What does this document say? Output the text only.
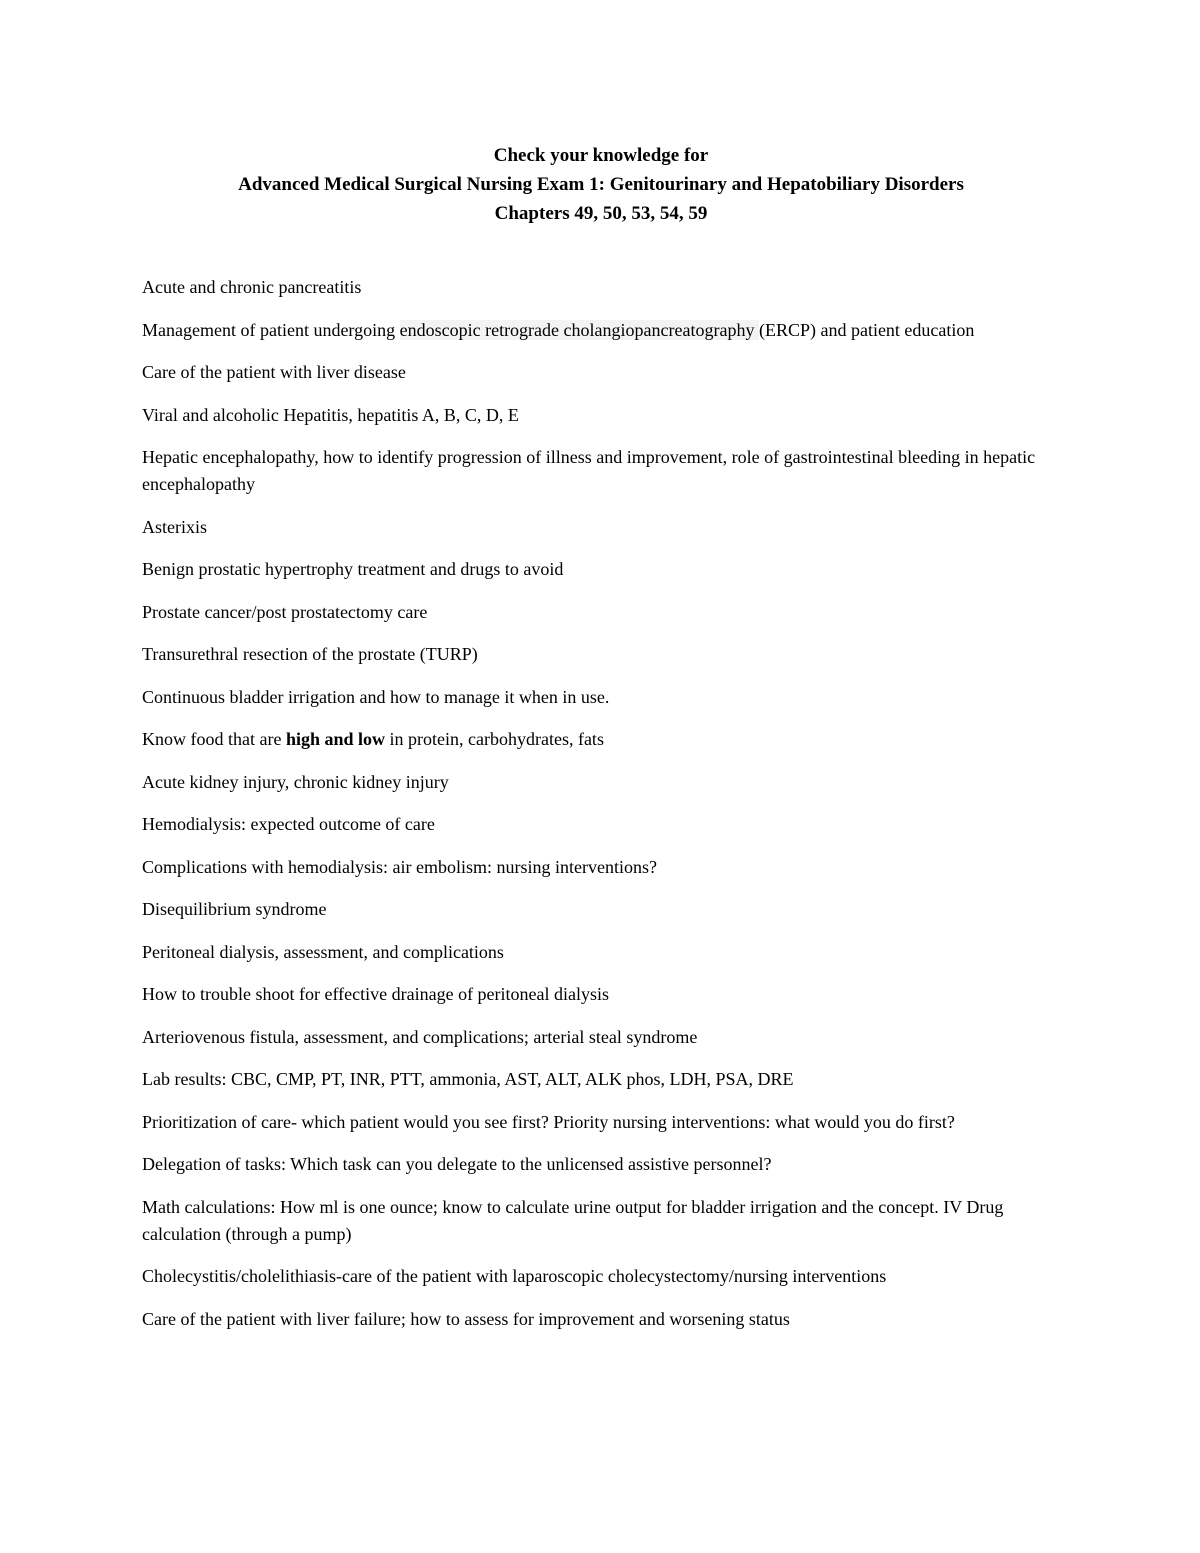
Check your knowledge for
Advanced Medical Surgical Nursing Exam 1: Genitourinary and Hepatobiliary Disorders
Chapters 49, 50, 53, 54, 59
Acute and chronic pancreatitis
Management of patient undergoing endoscopic retrograde cholangiopancreatography (ERCP) and patient education
Care of the patient with liver disease
Viral and alcoholic Hepatitis, hepatitis A, B, C, D, E
Hepatic encephalopathy, how to identify progression of illness and improvement, role of gastrointestinal bleeding in hepatic encephalopathy
Asterixis
Benign prostatic hypertrophy treatment and drugs to avoid
Prostate cancer/post prostatectomy care
Transurethral resection of the prostate (TURP)
Continuous bladder irrigation and how to manage it when in use.
Know food that are high and low in protein, carbohydrates, fats
Acute kidney injury, chronic kidney injury
Hemodialysis: expected outcome of care
Complications with hemodialysis: air embolism: nursing interventions?
Disequilibrium syndrome
Peritoneal dialysis, assessment, and complications
How to trouble shoot for effective drainage of peritoneal dialysis
Arteriovenous fistula, assessment, and complications; arterial steal syndrome
Lab results: CBC, CMP, PT, INR, PTT, ammonia, AST, ALT, ALK phos, LDH, PSA, DRE
Prioritization of care- which patient would you see first? Priority nursing interventions: what would you do first?
Delegation of tasks: Which task can you delegate to the unlicensed assistive personnel?
Math calculations: How ml is one ounce; know to calculate urine output for bladder irrigation and the concept. IV Drug calculation (through a pump)
Cholecystitis/cholelithiasis-care of the patient with laparoscopic cholecystectomy/nursing interventions
Care of the patient with liver failure; how to assess for improvement and worsening status
